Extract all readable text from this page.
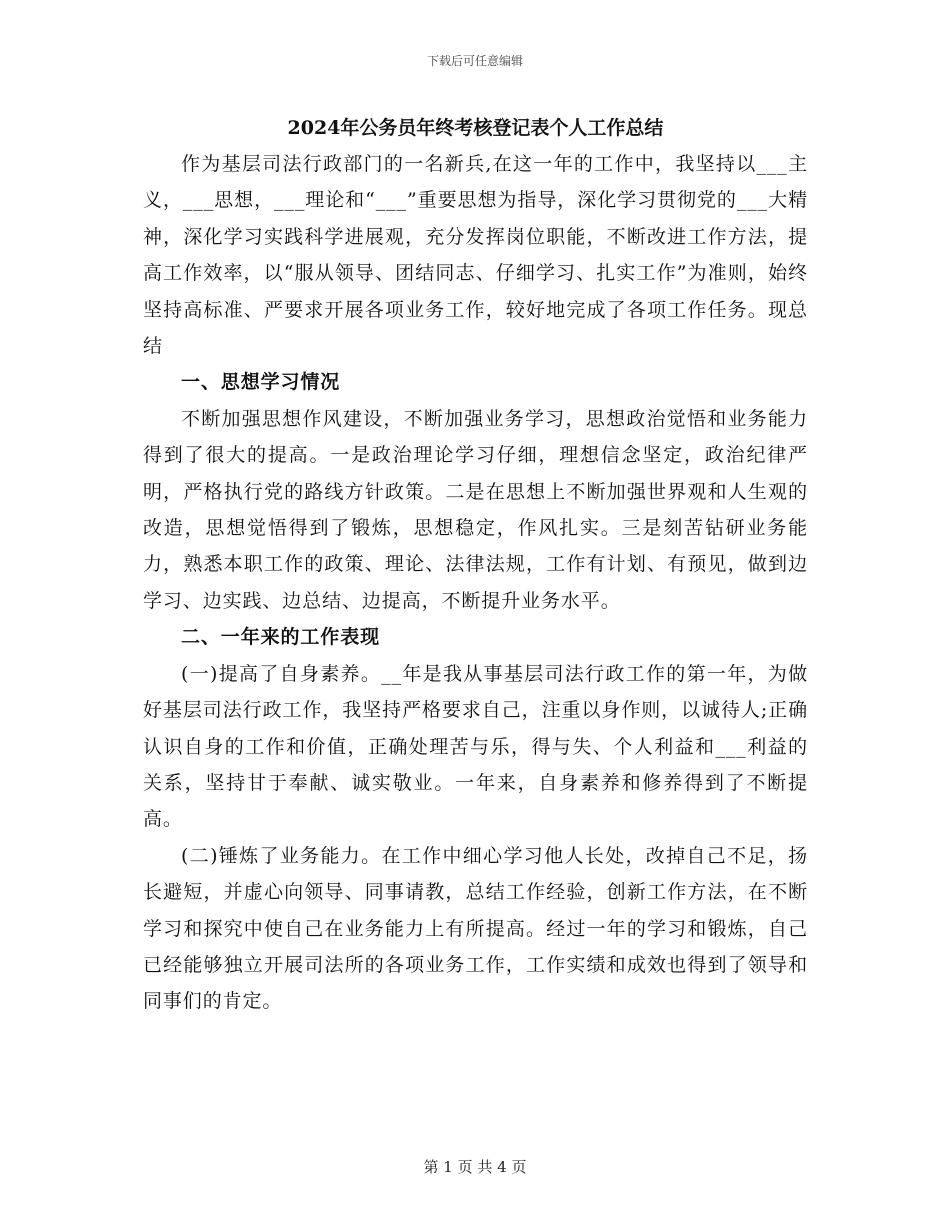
下载后可任意编辑
2024年公务员年终考核登记表个人工作总结

作为基层司法行政部门的一名新兵,在这一年的工作中，我坚持以___主义，___思想，___理论和“___”重要思想为指导，深化学习贯彻党的___大精神，深化学习实践科学进展观，充分发挥岗位职能，不断改进工作方法，提高工作效率，以“服从领导、团结同志、仔细学习、扎实工作”为准则，始终坚持高标准、严要求开展各项业务工作，较好地完成了各项工作任务。现总结

一、思想学习情况

不断加强思想作风建设，不断加强业务学习，思想政治觉悟和业务能力得到了很大的提高。一是政治理论学习仔细，理想信念坚定，政治纪律严明，严格执行党的路线方针政策。二是在思想上不断加强世界观和人生观的改造，思想觉悟得到了锻炼，思想稳定，作风扎实。三是刻苦钻研业务能力，熟悉本职工作的政策、理论、法律法规，工作有计划、有预见，做到边学习、边实践、边总结、边提高，不断提升业务水平。

二、一年来的工作表现

(一)提高了自身素养。__年是我从事基层司法行政工作的第一年，为做好基层司法行政工作，我坚持严格要求自己，注重以身作则，以诚待人;正确认识自身的工作和价值，正确处理苦与乐，得与失、个人利益和___利益的关系，坚持甘于奉献、诚实敬业。一年来，自身素养和修养得到了不断提高。

(二)锤炼了业务能力。在工作中细心学习他人长处，改掉自己不足，扬长避短，并虚心向领导、同事请教，总结工作经验，创新工作方法，在不断学习和探究中使自己在业务能力上有所提高。经过一年的学习和锻炼，自己已经能够独立开展司法所的各项业务工作，工作实绩和成效也得到了领导和同事们的肯定。

第 1 页 共 4 页
